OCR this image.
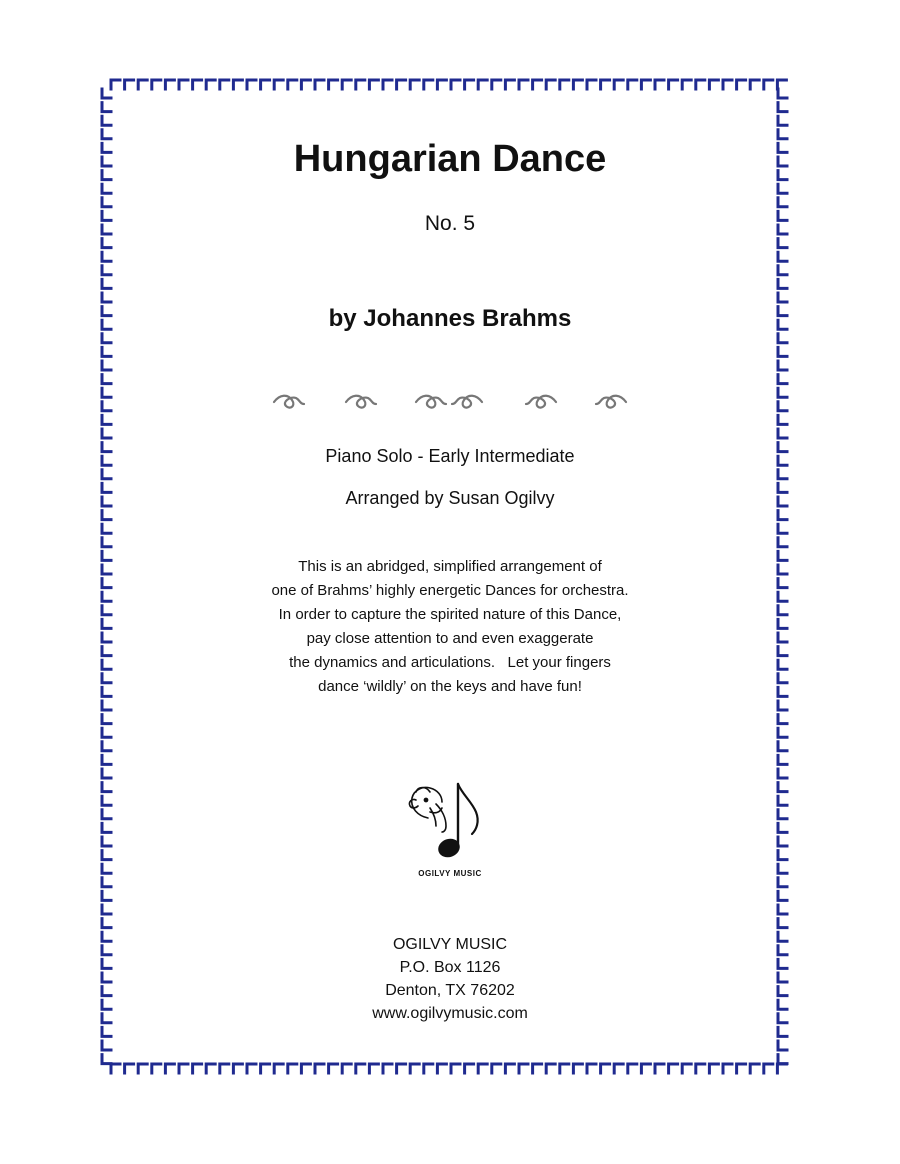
Hungarian Dance
No. 5
by Johannes Brahms
Piano Solo - Early Intermediate
Arranged by Susan Ogilvy
This is an abridged, simplified arrangement of
one of Brahms’ highly energetic Dances for orchestra.
In order to capture the spirited nature of this Dance,
pay close attention to and even exaggerate
the dynamics and articulations.   Let your fingers
dance ‘wildly’ on the keys and have fun!
OGILVY MUSIC
OGILVY MUSIC
P.O. Box 1126
Denton, TX 76202
www.ogilvymusic.com
